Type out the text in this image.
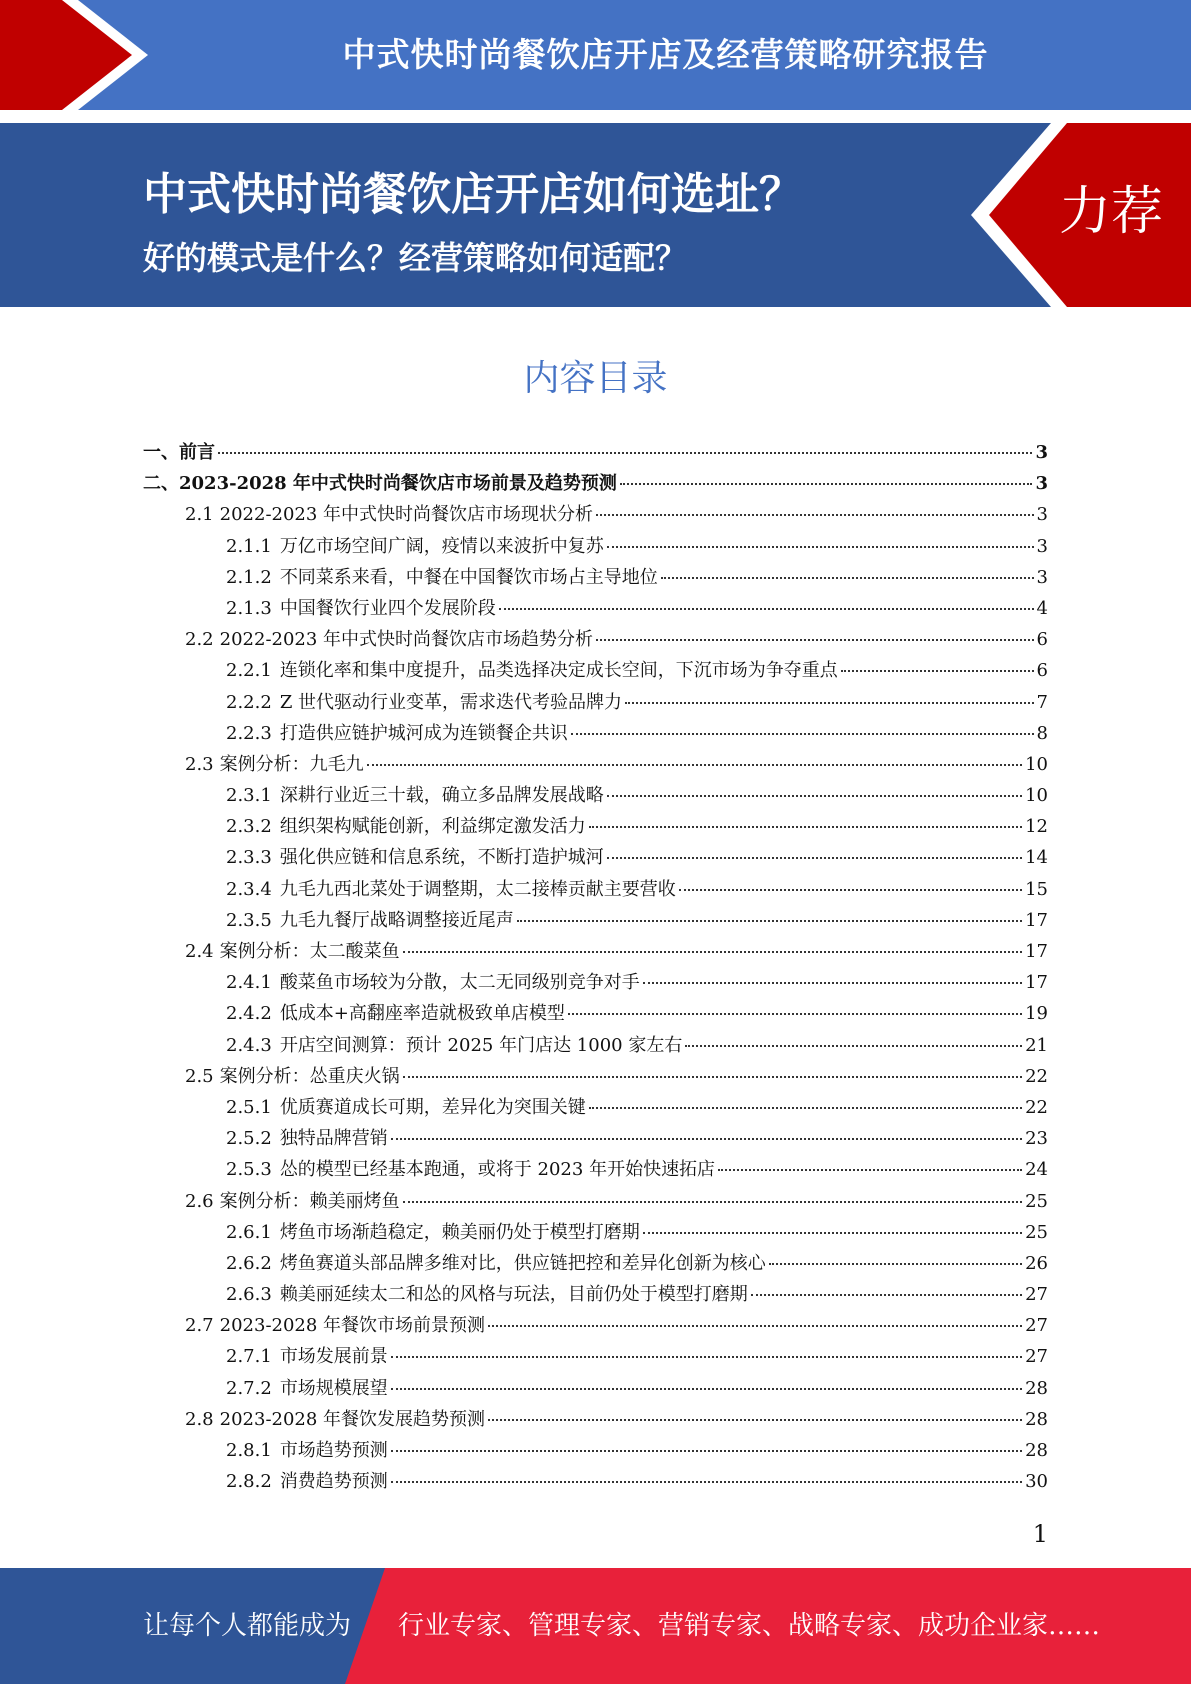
中式快时尚餐饮店开店及经营策略研究报告
中式快时尚餐饮店开店如何选址？
好的模式是什么？经营策略如何适配？
力荐
内容目录
一、 前言	3
二、 2023-2028 年中式快时尚餐饮店市场前景及趋势预测	3
2.1 2022-2023 年中式快时尚餐饮店市场现状分析	3
2.1.1 万亿市场空间广阔，疫情以来波折中复苏	3
2.1.2 不同菜系来看，中餐在中国餐饮市场占主导地位	3
2.1.3 中国餐饮行业四个发展阶段	4
2.2 2022-2023 年中式快时尚餐饮店市场趋势分析	6
2.2.1 连锁化率和集中度提升，品类选择决定成长空间，下沉市场为争夺重点	6
2.2.2 Z 世代驱动行业变革，需求迭代考验品牌力	7
2.2.3 打造供应链护城河成为连锁餐企共识	8
2.3 案例分析：九毛九	10
2.3.1 深耕行业近三十载，确立多品牌发展战略	10
2.3.2 组织架构赋能创新，利益绑定激发活力	12
2.3.3 强化供应链和信息系统，不断打造护城河	14
2.3.4 九毛九西北菜处于调整期，太二接棒贡献主要营收	15
2.3.5 九毛九餐厅战略调整接近尾声	17
2.4 案例分析：太二酸菜鱼	17
2.4.1 酸菜鱼市场较为分散，太二无同级别竞争对手	17
2.4.2 低成本+高翻座率造就极致单店模型	19
2.4.3 开店空间测算：预计 2025 年门店达 1000 家左右	21
2.5 案例分析：怂重庆火锅	22
2.5.1 优质赛道成长可期，差异化为突围关键	22
2.5.2 独特品牌营销	23
2.5.3 怂的模型已经基本跑通，或将于 2023 年开始快速拓店	24
2.6 案例分析：赖美丽烤鱼	25
2.6.1 烤鱼市场渐趋稳定，赖美丽仍处于模型打磨期	25
2.6.2 烤鱼赛道头部品牌多维对比，供应链把控和差异化创新为核心	26
2.6.3 赖美丽延续太二和怂的风格与玩法，目前仍处于模型打磨期	27
2.7 2023-2028 年餐饮市场前景预测	27
2.7.1 市场发展前景	27
2.7.2 市场规模展望	28
2.8 2023-2028 年餐饮发展趋势预测	28
2.8.1 市场趋势预测	28
2.8.2 消费趋势预测	30
1
让每个人都能成为 行业专家、管理专家、营销专家、战略专家、成功企业家……
